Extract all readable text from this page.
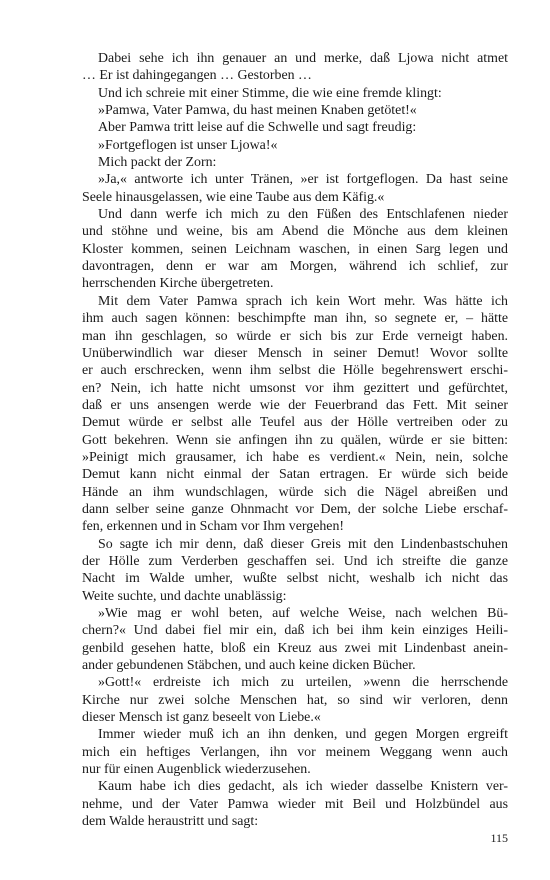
Dabei sehe ich ihn genauer an und merke, daß Ljowa nicht atmet
… Er ist dahingegangen … Gestorben …
Und ich schreie mit einer Stimme, die wie eine fremde klingt:
»Pamwa, Vater Pamwa, du hast meinen Knaben getötet!«
Aber Pamwa tritt leise auf die Schwelle und sagt freudig:
»Fortgeflogen ist unser Ljowa!«
Mich packt der Zorn:
»Ja,« antworte ich unter Tränen, »er ist fortgeflogen. Da hast seine
Seele hinausgelassen, wie eine Taube aus dem Käfig.«
Und dann werfe ich mich zu den Füßen des Entschlafenen nieder
und stöhne und weine, bis am Abend die Mönche aus dem kleinen
Kloster kommen, seinen Leichnam waschen, in einen Sarg legen und
davontragen, denn er war am Morgen, während ich schlief, zur
herrschenden Kirche übergetreten.
Mit dem Vater Pamwa sprach ich kein Wort mehr. Was hätte ich
ihm auch sagen können: beschimpfte man ihn, so segnete er, – hätte
man ihn geschlagen, so würde er sich bis zur Erde verneigt haben.
Unüberwindlich war dieser Mensch in seiner Demut! Wovor sollte
er auch erschrecken, wenn ihm selbst die Hölle begehrenswert erschi-
en? Nein, ich hatte nicht umsonst vor ihm gezittert und gefürchtet,
daß er uns ansengen werde wie der Feuerbrand das Fett. Mit seiner
Demut würde er selbst alle Teufel aus der Hölle vertreiben oder zu
Gott bekehren. Wenn sie anfingen ihn zu quälen, würde er sie bitten:
»Peinigt mich grausamer, ich habe es verdient.« Nein, nein, solche
Demut kann nicht einmal der Satan ertragen. Er würde sich beide
Hände an ihm wundschlagen, würde sich die Nägel abreißen und
dann selber seine ganze Ohnmacht vor Dem, der solche Liebe erschaf-
fen, erkennen und in Scham vor Ihm vergehen!
So sagte ich mir denn, daß dieser Greis mit den Lindenbastschuhen
der Hölle zum Verderben geschaffen sei. Und ich streifte die ganze
Nacht im Walde umher, wußte selbst nicht, weshalb ich nicht das
Weite suchte, und dachte unablässig:
»Wie mag er wohl beten, auf welche Weise, nach welchen Bü-
chern?« Und dabei fiel mir ein, daß ich bei ihm kein einziges Heili-
genbild gesehen hatte, bloß ein Kreuz aus zwei mit Lindenbast anein-
ander gebundenen Stäbchen, und auch keine dicken Bücher.
»Gott!« erdreiste ich mich zu urteilen, »wenn die herrschende
Kirche nur zwei solche Menschen hat, so sind wir verloren, denn
dieser Mensch ist ganz beseelt von Liebe.«
Immer wieder muß ich an ihn denken, und gegen Morgen ergreift
mich ein heftiges Verlangen, ihn vor meinem Weggang wenn auch
nur für einen Augenblick wiederzusehen.
Kaum habe ich dies gedacht, als ich wieder dasselbe Knistern ver-
nehme, und der Vater Pamwa wieder mit Beil und Holzbündel aus
dem Walde heraustritt und sagt:
115
